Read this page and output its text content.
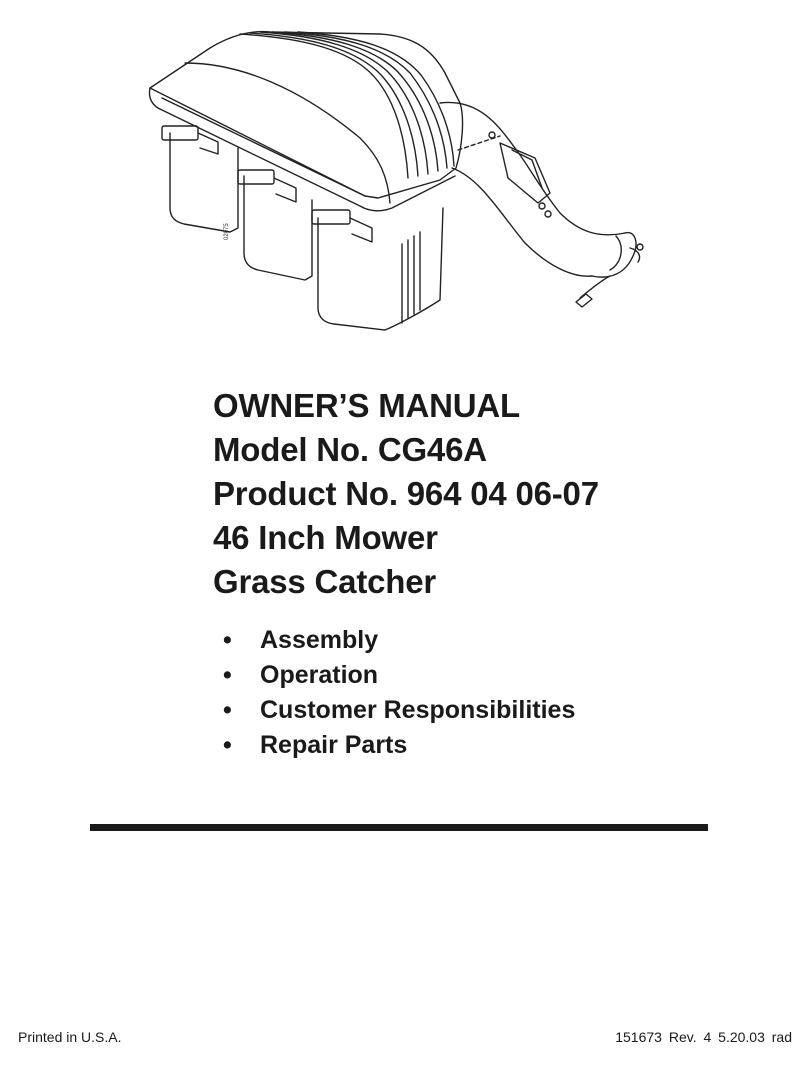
02075
OWNER’S MANUAL
Model No. CG46A
Product No. 964 04 06-07
46 Inch Mower
Grass Catcher
•	Assembly
•	Operation
•	Customer Responsibilities
•	Repair Parts
Printed in U.S.A.	151673 Rev. 4 5.20.03 rad
